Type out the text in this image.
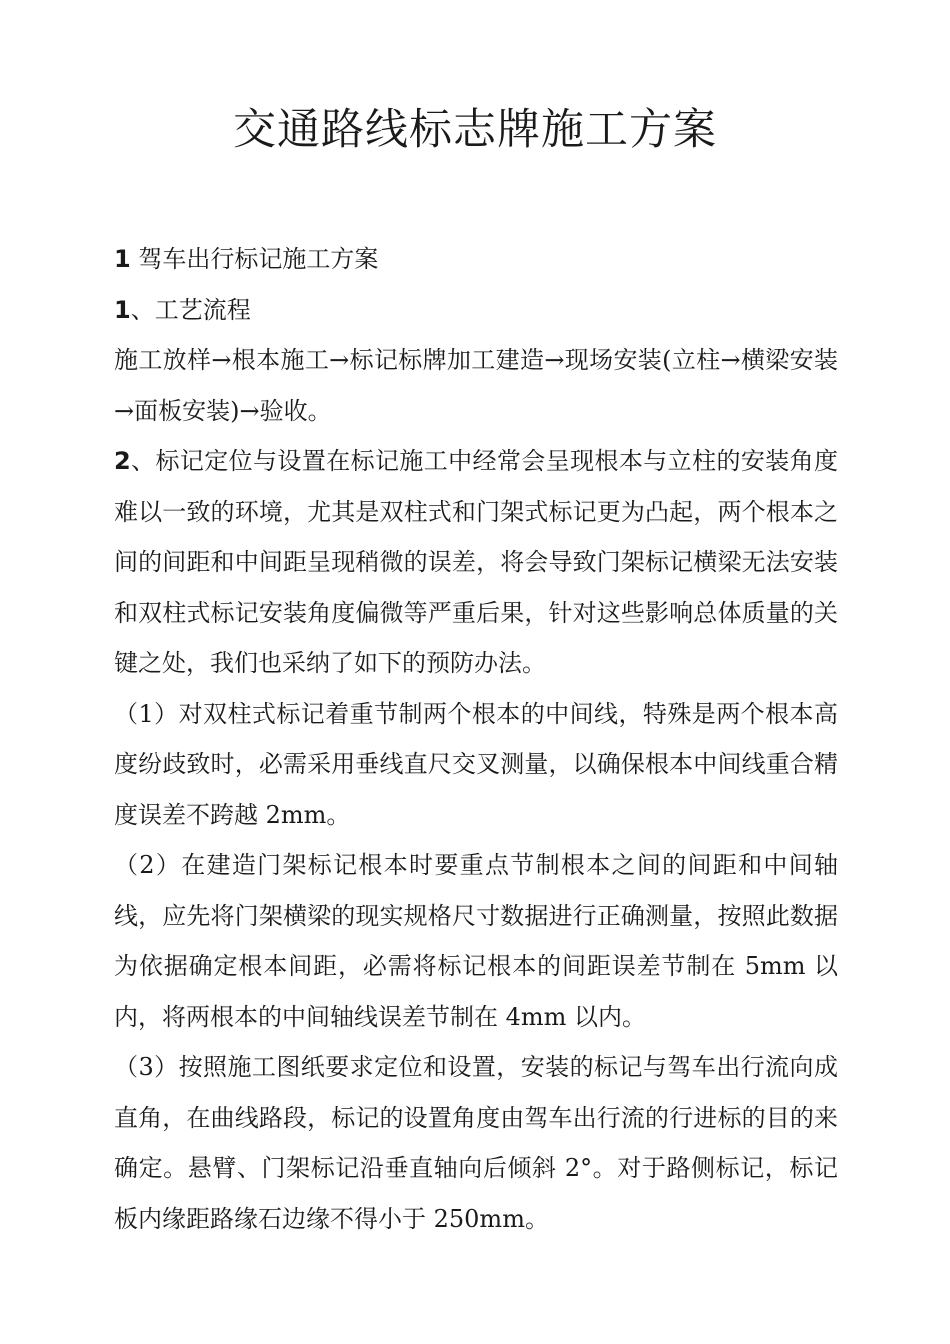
交通路线标志牌施工方案

1 驾车出行标记施工方案

1、工艺流程

施工放样→根本施工→标记标牌加工建造→现场安装(立柱→横梁安装→面板安装)→验收。

2、标记定位与设置在标记施工中经常会呈现根本与立柱的安装角度难以一致的环境，尤其是双柱式和门架式标记更为凸起，两个根本之间的间距和中间距呈现稍微的误差，将会导致门架标记横梁无法安装和双柱式标记安装角度偏微等严重后果，针对这些影响总体质量的关键之处，我们也采纳了如下的预防办法。

（1）对双柱式标记着重节制两个根本的中间线，特殊是两个根本高度纷歧致时，必需采用垂线直尺交叉测量，以确保根本中间线重合精度误差不跨越 2mm。

（2）在建造门架标记根本时要重点节制根本之间的间距和中间轴线，应先将门架横梁的现实规格尺寸数据进行正确测量，按照此数据为依据确定根本间距，必需将标记根本的间距误差节制在 5mm 以内，将两根本的中间轴线误差节制在 4mm 以内。

（3）按照施工图纸要求定位和设置，安装的标记与驾车出行流向成直角，在曲线路段，标记的设置角度由驾车出行流的行进标的目的来确定。悬臂、门架标记沿垂直轴向后倾斜 2°。对于路侧标记，标记板内缘距路缘石边缘不得小于 250mm。
